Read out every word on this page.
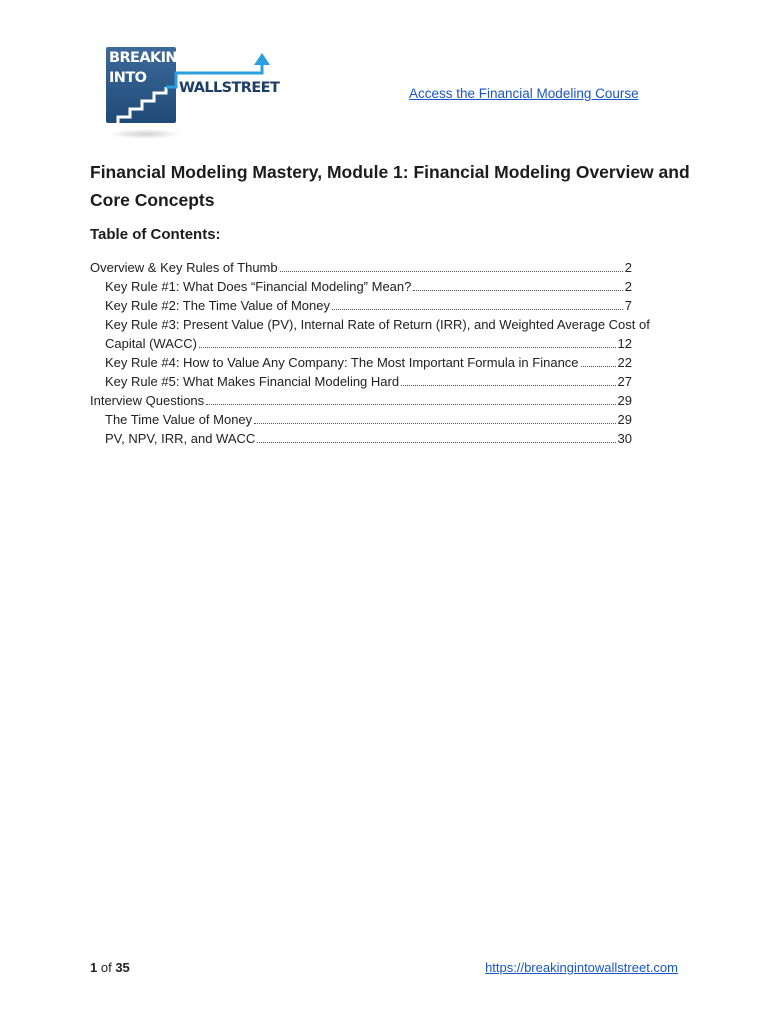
BREAKING
INTO
WALLSTREET	Access the Financial Modeling Course
Financial Modeling Mastery, Module 1: Financial Modeling Overview and Core Concepts
Table of Contents:
Overview & Key Rules of Thumb	2
Key Rule #1: What Does “Financial Modeling” Mean?	2
Key Rule #2: The Time Value of Money	7
Key Rule #3: Present Value (PV), Internal Rate of Return (IRR), and Weighted Average Cost of
Capital (WACC)	12
Key Rule #4: How to Value Any Company: The Most Important Formula in Finance	22
Key Rule #5: What Makes Financial Modeling Hard	27
Interview Questions	29
The Time Value of Money	29
PV, NPV, IRR, and WACC	30
1 of 35	https://breakingintowallstreet.com
